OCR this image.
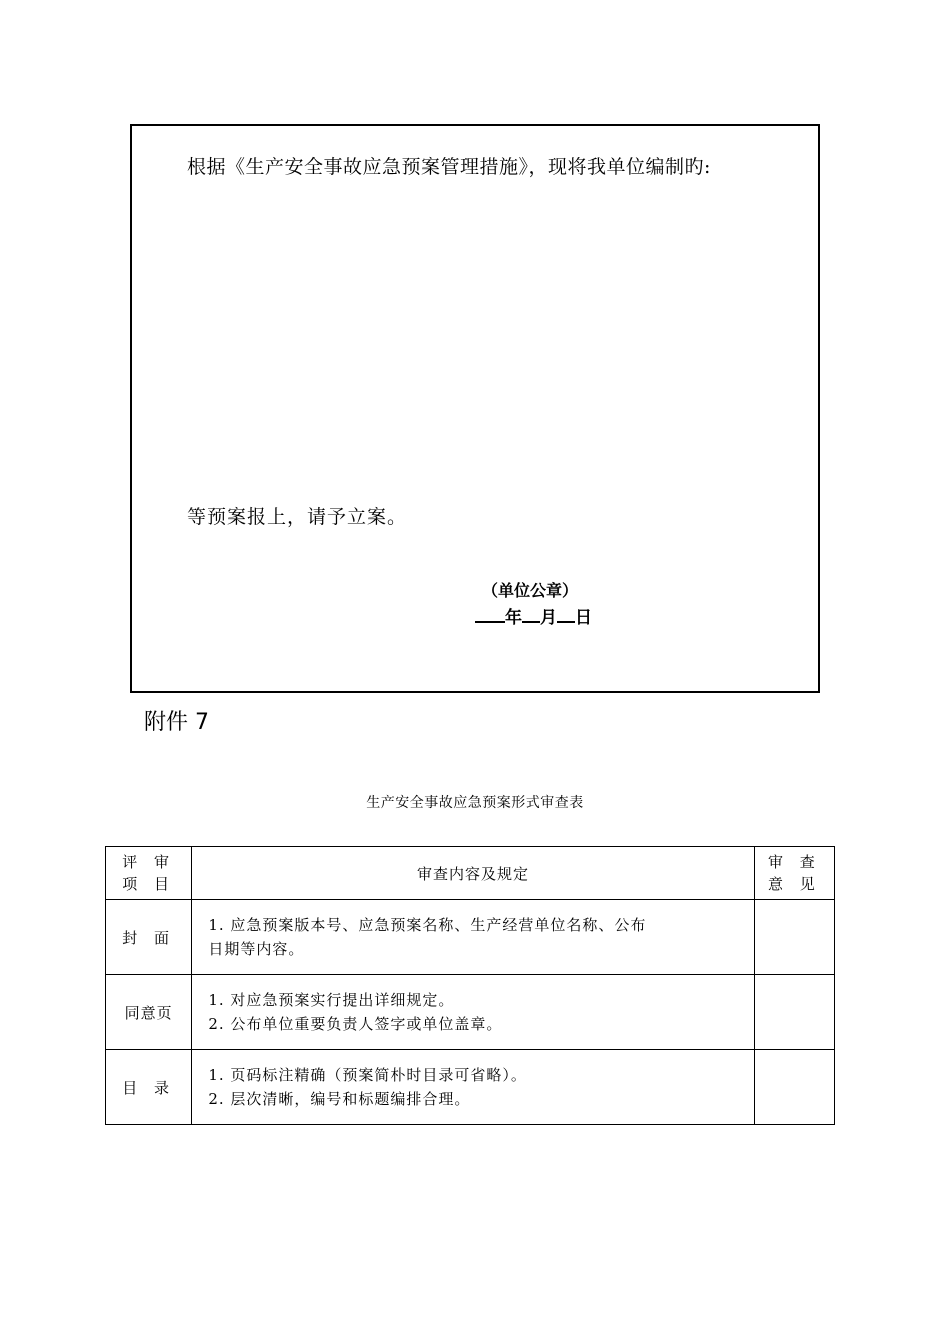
根据《生产安全事故应急预案管理措施》，现将我单位编制旳:
等预案报上，请予立案。
（单位公章）
年 月 日
附件 7
生产安全事故应急预案形式审查表
评 审
项 目	审查内容及规定	审 查
意 见

封 面	1. 应急预案版本号、应急预案名称、生产经营单位名称、公布
日期等内容。	

同意页	1. 对应急预案实行提出详细规定。
2. 公布单位重要负责人签字或单位盖章。	

目 录	1. 页码标注精确（预案简朴时目录可省略）。
2. 层次清晰，编号和标题编排合理。	
